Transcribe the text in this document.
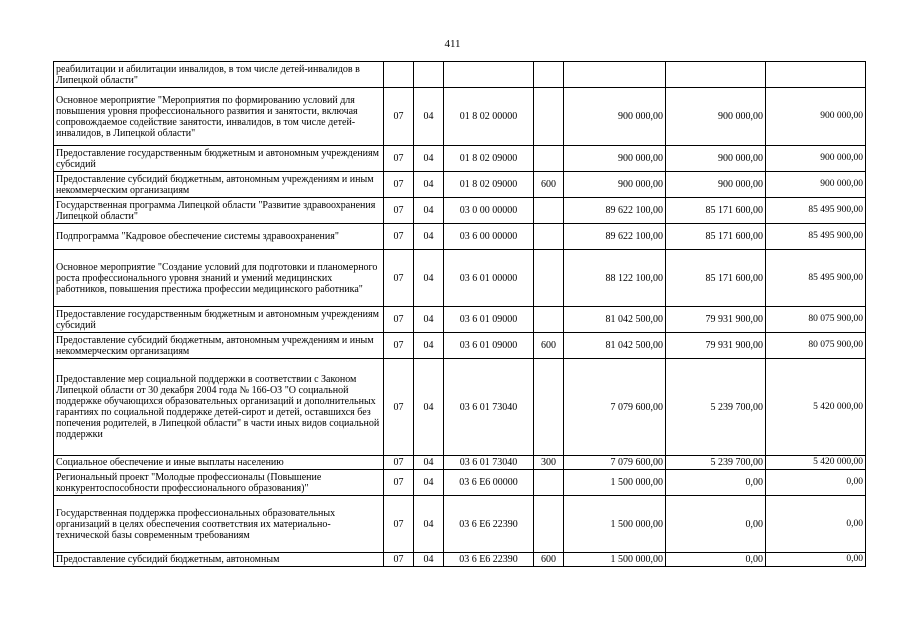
411
реабилитации и абилитации инвалидов, в том числе детей-инвалидов в Липецкой области"							
Основное мероприятие "Мероприятия по формированию условий для повышения уровня профессионального развития и занятости, включая сопровождаемое содействие занятости, инвалидов, в том числе детей-инвалидов, в Липецкой области"	07	04	01 8 02 00000		900 000,00	900 000,00	900 000,00
Предоставление государственным бюджетным и автономным учреждениям субсидий	07	04	01 8 02 09000		900 000,00	900 000,00	900 000,00
Предоставление субсидий бюджетным, автономным учреждениям и иным некоммерческим организациям	07	04	01 8 02 09000	600	900 000,00	900 000,00	900 000,00
Государственная программа Липецкой области "Развитие здравоохранения Липецкой области"	07	04	03 0 00 00000		89 622 100,00	85 171 600,00	85 495 900,00
Подпрограмма "Кадровое обеспечение системы здравоохранения"	07	04	03 6 00 00000		89 622 100,00	85 171 600,00	85 495 900,00
Основное мероприятие "Создание условий для подготовки и планомерного роста профессионального уровня знаний и умений медицинских работников, повышения престижа профессии медицинского работника"	07	04	03 6 01 00000		88 122 100,00	85 171 600,00	85 495 900,00
Предоставление государственным бюджетным и автономным учреждениям субсидий	07	04	03 6 01 09000		81 042 500,00	79 931 900,00	80 075 900,00
Предоставление субсидий бюджетным, автономным учреждениям и иным некоммерческим организациям	07	04	03 6 01 09000	600	81 042 500,00	79 931 900,00	80 075 900,00
Предоставление мер социальной поддержки в соответствии с Законом Липецкой области от 30 декабря 2004 года № 166-ОЗ "О социальной поддержке обучающихся образовательных организаций и дополнительных гарантиях по социальной поддержке детей-сирот и детей, оставшихся без попечения родителей, в Липецкой области" в части иных видов социальной поддержки	07	04	03 6 01 73040		7 079 600,00	5 239 700,00	5 420 000,00
Социальное обеспечение и иные выплаты населению	07	04	03 6 01 73040	300	7 079 600,00	5 239 700,00	5 420 000,00
Региональный проект "Молодые профессионалы (Повышение конкурентоспособности профессионального образования)"	07	04	03 6 E6 00000		1 500 000,00	0,00	0,00
Государственная поддержка профессиональных образовательных организаций в целях обеспечения соответствия их материально-технической базы современным требованиям	07	04	03 6 E6 22390		1 500 000,00	0,00	0,00
Предоставление субсидий бюджетным, автономным	07	04	03 6 E6 22390	600	1 500 000,00	0,00	0,00
